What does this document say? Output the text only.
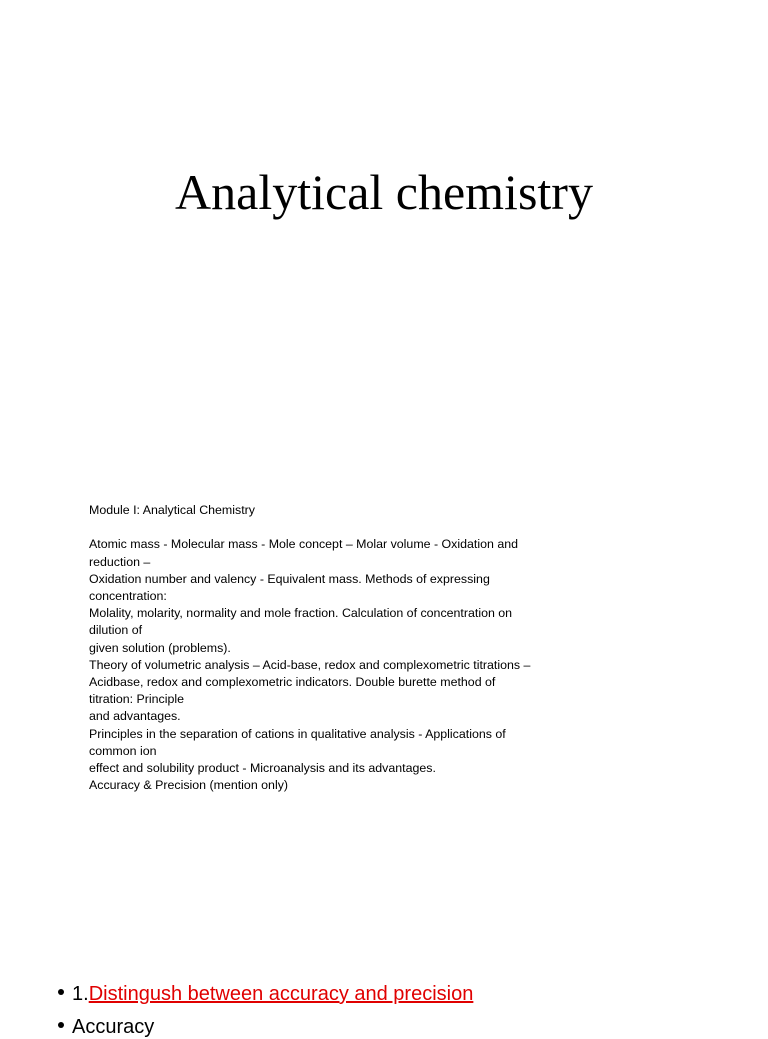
Analytical chemistry
Module I: Analytical Chemistry
Atomic mass - Molecular mass - Mole concept – Molar volume - Oxidation and
reduction –
Oxidation number and valency - Equivalent mass. Methods of expressing
concentration:
Molality, molarity, normality and mole fraction. Calculation of concentration on
dilution of
given solution (problems).
Theory of volumetric analysis – Acid-base, redox and complexometric titrations –
Acidbase, redox and complexometric indicators. Double burette method of
titration: Principle
and advantages.
Principles in the separation of cations in qualitative analysis - Applications of
common ion
effect and solubility product - Microanalysis and its advantages.
Accuracy & Precision (mention only)
1.Distingush between accuracy and precision
Accuracy
